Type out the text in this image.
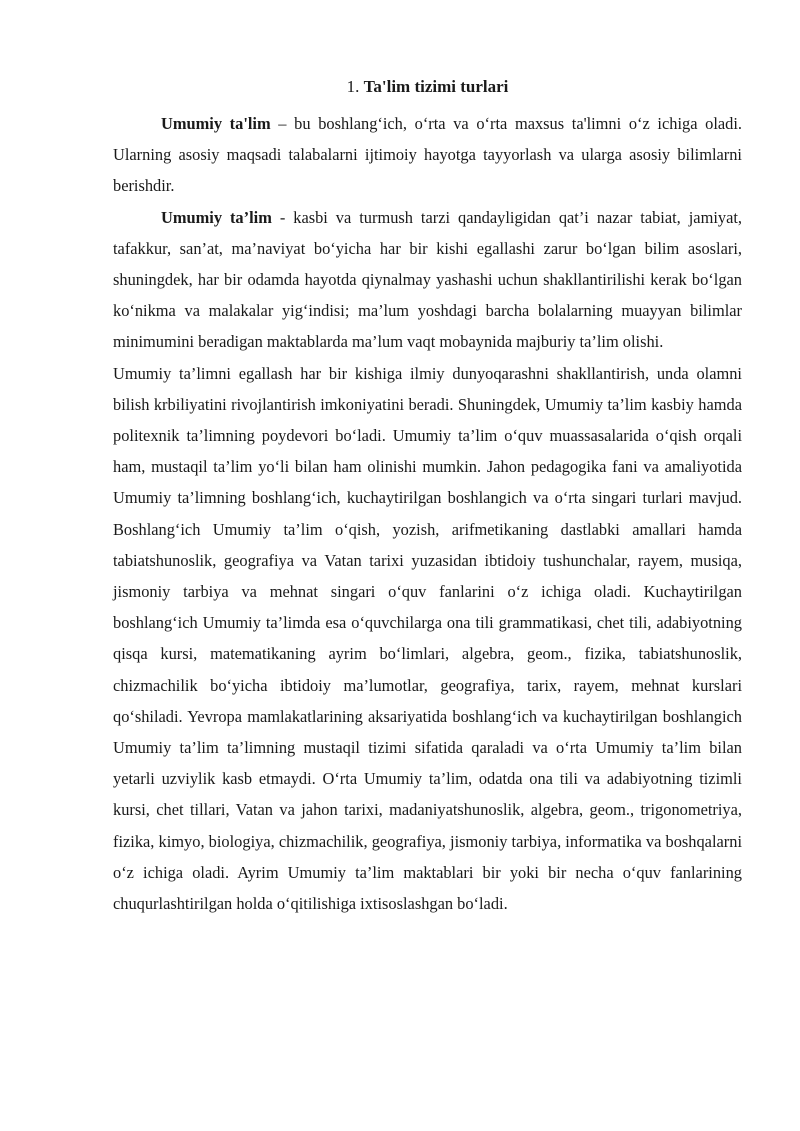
1. Ta'lim tizimi turlari

Umumiy ta'lim – bu boshlang‘ich, o‘rta va o‘rta maxsus ta'limni o‘z ichiga oladi. Ularning asosiy maqsadi talabalarni ijtimoiy hayotga tayyorlash va ularga asosiy bilimlarni berishdir.

Umumiy ta’lim - kasbi va turmush tarzi qandayligidan qat’i nazar tabiat, jamiyat, tafakkur, san’at, ma’naviyat bo‘yicha har bir kishi egallashi zarur bo‘lgan bilim asoslari, shuningdek, har bir odamda hayotda qiynalmay yashashi uchun shakllantirilishi kerak bo‘lgan ko‘nikma va malakalar yig‘indisi; ma’lum yoshdagi barcha bolalarning muayyan bilimlar minimumini beradigan maktablarda ma’lum vaqt mobaynida majburiy ta’lim olishi.

Umumiy ta’limni egallash har bir kishiga ilmiy dunyoqarashni shakllantirish, unda olamni bilish krbiliyatini rivojlantirish imkoniyatini beradi. Shuningdek, Umumiy ta’lim kasbiy hamda politexnik ta’limning poydevori bo‘ladi. Umumiy ta’lim o‘quv muassasalarida o‘qish orqali ham, mustaqil ta’lim yo‘li bilan ham olinishi mumkin. Jahon pedagogika fani va amaliyotida Umumiy ta’limning boshlang‘ich, kuchaytirilgan boshlangich va o‘rta singari turlari mavjud. Boshlang‘ich Umumiy ta’lim o‘qish, yozish, arifmetikaning dastlabki amallari hamda tabiatshunoslik, geografiya va Vatan tarixi yuzasidan ibtidoiy tushunchalar, rayem, musiqa, jismoniy tarbiya va mehnat singari o‘quv fanlarini o‘z ichiga oladi. Kuchaytirilgan boshlang‘ich Umumiy ta’limda esa o‘quvchilarga ona tili grammatikasi, chet tili, adabiyotning qisqa kursi, matematikaning ayrim bo‘limlari, algebra, geom., fizika, tabiatshunoslik, chizmachilik bo‘yicha ibtidoiy ma’lumotlar, geografiya, tarix, rayem, mehnat kurslari qo‘shiladi. Yevropa mamlakatlarining aksariyatida boshlang‘ich va kuchaytirilgan boshlangich Umumiy ta’lim ta’limning mustaqil tizimi sifatida qaraladi va o‘rta Umumiy ta’lim bilan yetarli uzviylik kasb etmaydi. O‘rta Umumiy ta’lim, odatda ona tili va adabiyotning tizimli kursi, chet tillari, Vatan va jahon tarixi, madaniyatshunoslik, algebra, geom., trigonometriya, fizika, kimyo, biologiya, chizmachilik, geografiya, jismoniy tarbiya, informatika va boshqalarni o‘z ichiga oladi. Ayrim Umumiy ta’lim maktablari bir yoki bir necha o‘quv fanlarining chuqurlashtirilgan holda o‘qitilishiga ixtisoslashgan bo‘ladi.
